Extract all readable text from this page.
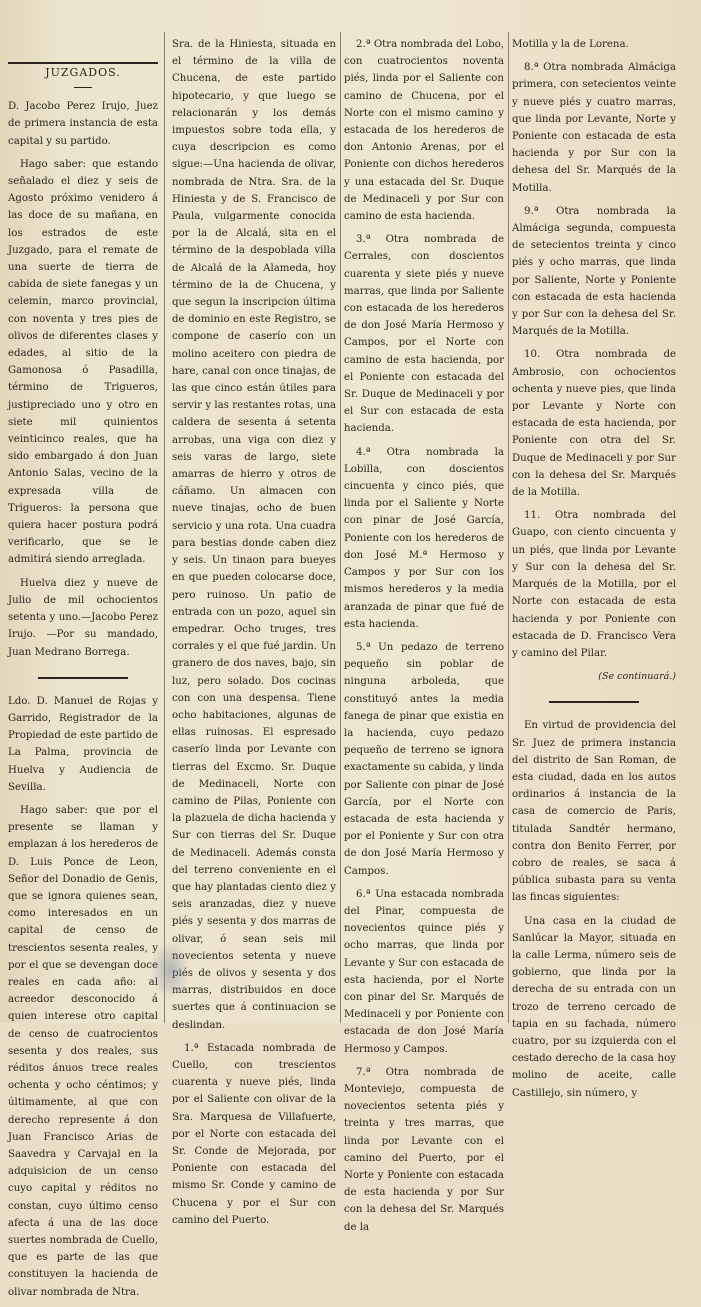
JUZGADOS.

D. Jacobo Perez Irujo, Juez de primera instancia de esta capital y su partido.

Hago saber: que estando señalado el diez y seis de Agosto próximo venidero á las doce de su mañana, en los estrados de este Juzgado, para el remate de una suerte de tierra de cabida de siete fanegas y un celemin, marco provincial, con noventa y tres pies de olivos de diferentes clases y edades, al sitio de la Gamonosa ó Pasadilla, término de Trigueros, justipreciado uno y otro en siete mil quinientos veinticinco reales, que ha sido embargado á don Juan Antonio Salas, vecino de la expresada villa de Trigueros: la persona que quiera hacer postura podrá verificarlo, que se le admitirá siendo arreglada.

Huelva diez y nueve de Julio de mil ochocientos setenta y uno.—Jacobo Perez Irujo. —Por su mandado, Juan Medrano Borrega.

Ldo. D. Manuel de Rojas y Garrido, Registrador de la Propiedad de este partido de La Palma, provincia de Huelva y Audiencia de Sevilla.

Hago saber: que por el presente se llaman y emplazan á los herederos de D. Luis Ponce de Leon, Señor del Donadio de Genis, que se ignora quienes sean, como interesados en un capital de censo de trescientos sesenta reales, y por el que se devengan doce reales en cada año: al acreedor desconocido á quien interese otro capital de censo de cuatrocientos sesenta y dos reales, sus réditos ánuos trece reales ochenta y ocho céntimos; y últimamente, al que con derecho represente á don Juan Francisco Arias de Saavedra y Carvajal en la adquisicion de un censo cuyo capital y réditos no constan, cuyo último censo afecta á una de las doce suertes nombrada de Cuello, que es parte de las que constituyen la hacienda de olivar nombrada de Ntra.

Sra. de la Hiniesta, situada en el término de la villa de Chucena, de este partido hipotecario, y que luego se relacionarán y los demás impuestos sobre toda ella, y cuya descripcion es como sigue:—Una hacienda de olivar, nombrada de Ntra. Sra. de la Hiniesta y de S. Francisco de Paula, vulgarmente conocida por la de Alcalá, sita en el término de la despoblada villa de Alcalá de la Alameda, hoy término de la de Chucena, y que segun la inscripcion última de dominio en este Registro, se compone de caserío con un molino aceitero con piedra de hare, canal con once tinajas, de las que cinco están útiles para servir y las restantes rotas, una caldera de sesenta á setenta arrobas, una viga con diez y seis varas de largo, siete amarras de hierro y otros de cáñamo. Un almacen con nueve tinajas, ocho de buen servicio y una rota. Una cuadra para bestias donde caben diez y seis. Un tinaon para bueyes en que pueden colocarse doce, pero ruinoso. Un patio de entrada con un pozo, aquel sin empedrar. Ocho truges, tres corrales y el que fué jardin. Un granero de dos naves, bajo, sin luz, pero solado. Dos cocinas con con una despensa. Tiene ocho habitaciones, algunas de ellas ruinosas. El espresado caserío linda por Levante con tierras del Excmo. Sr. Duque de Medinaceli, Norte con camino de Pilas, Poniente con la plazuela de dicha hacienda y Sur con tierras del Sr. Duque de Medinaceli. Además consta del terreno conveniente en el que hay plantadas ciento diez y seis aranzadas, diez y nueve piés y sesenta y dos marras de olivar, ó sean seis mil novecientos setenta y nueve piés de olivos y sesenta y dos marras, distribuidos en doce suertes que á continuacion se deslindan.

1.ª Estacada nombrada de Cuello, con trescientos cuarenta y nueve piés, linda por el Saliente con olivar de la Sra. Marquesa de Villafuerte, por el Norte con estacada del Sr. Conde de Mejorada, por Poniente con estacada del mismo Sr. Conde y camino de Chucena y por el Sur con camino del Puerto.

2.ª Otra nombrada del Lobo, con cuatrocientos noventa piés, linda por el Saliente con camino de Chucena, por el Norte con el mismo camino y estacada de los herederos de don Antonio Arenas, por el Poniente con dichos herederos y una estacada del Sr. Duque de Medinaceli y por Sur con camino de esta hacienda.

3.ª Otra nombrada de Cerrales, con doscientos cuarenta y siete piés y nueve marras, que linda por Saliente con estacada de los herederos de don José María Hermoso y Campos, por el Norte con camino de esta hacienda, por el Poniente con estacada del Sr. Duque de Medinaceli y por el Sur con estacada de esta hacienda.

4.ª Otra nombrada la Lobilla, con doscientos cincuenta y cinco piés, que linda por el Saliente y Norte con pinar de José García, Poniente con los herederos de don José M.ª Hermoso y Campos y por Sur con los mismos herederos y la media aranzada de pinar que fué de esta hacienda.

5.ª Un pedazo de terreno pequeño sin poblar de ninguna arboleda, que constituyó antes la media fanega de pinar que existia en la hacienda, cuyo pedazo pequeño de terreno se ignora exactamente su cabida, y linda por Saliente con pinar de José García, por el Norte con estacada de esta hacienda y por el Poniente y Sur con otra de don José María Hermoso y Campos.

6.ª Una estacada nombrada del Pinar, compuesta de novecientos quince piés y ocho marras, que linda por Levante y Sur con estacada de esta hacienda, por el Norte con pinar del Sr. Marqués de Medinaceli y por Poniente con estacada de don José María Hermoso y Campos.

7.ª Otra nombrada de Monteviejo, compuesta de novecientos setenta piés y treinta y tres marras, que linda por Levante con el camino del Puerto, por el Norte y Poniente con estacada de esta hacienda y por Sur con la dehesa del Sr. Marqués de la

Motilla y la de Lorena.

8.ª Otra nombrada Almáciga primera, con setecientos veinte y nueve piés y cuatro marras, que linda por Levante, Norte y Poniente con estacada de esta hacienda y por Sur con la dehesa del Sr. Marqués de la Motilla.

9.ª Otra nombrada la Almáciga segunda, compuesta de setecientos treinta y cinco piés y ocho marras, que linda por Saliente, Norte y Poniente con estacada de esta hacienda y por Sur con la dehesa del Sr. Marqués de la Motilla.

10. Otra nombrada de Ambrosio, con ochocientos ochenta y nueve pies, que linda por Levante y Norte con estacada de esta hacienda, por Poniente con otra del Sr. Duque de Medinaceli y por Sur con la dehesa del Sr. Marqués de la Motilla.

11. Otra nombrada del Guapo, con ciento cincuenta y un piés, que linda por Levante y Sur con la dehesa del Sr. Marqués de la Motilla, por el Norte con estacada de esta hacienda y por Poniente con estacada de D. Francisco Vera y camino del Pilar.

(Se continuará.)

En virtud de providencia del Sr. Juez de primera instancia del distrito de San Roman, de esta ciudad, dada en los autos ordinarios á instancia de la casa de comercio de Paris, titulada Sandtér hermano, contra don Benito Ferrer, por cobro de reales, se saca á pública subasta para su venta las fincas siguientes:

Una casa en la ciudad de Sanlúcar la Mayor, situada en la calle Lerma, número seis de gobierno, que linda por la derecha de su entrada con un trozo de terreno cercado de tapia en su fachada, número cuatro, por su izquierda con el cestado derecho de la casa hoy molino de aceite, calle Castillejo, sin número, y
